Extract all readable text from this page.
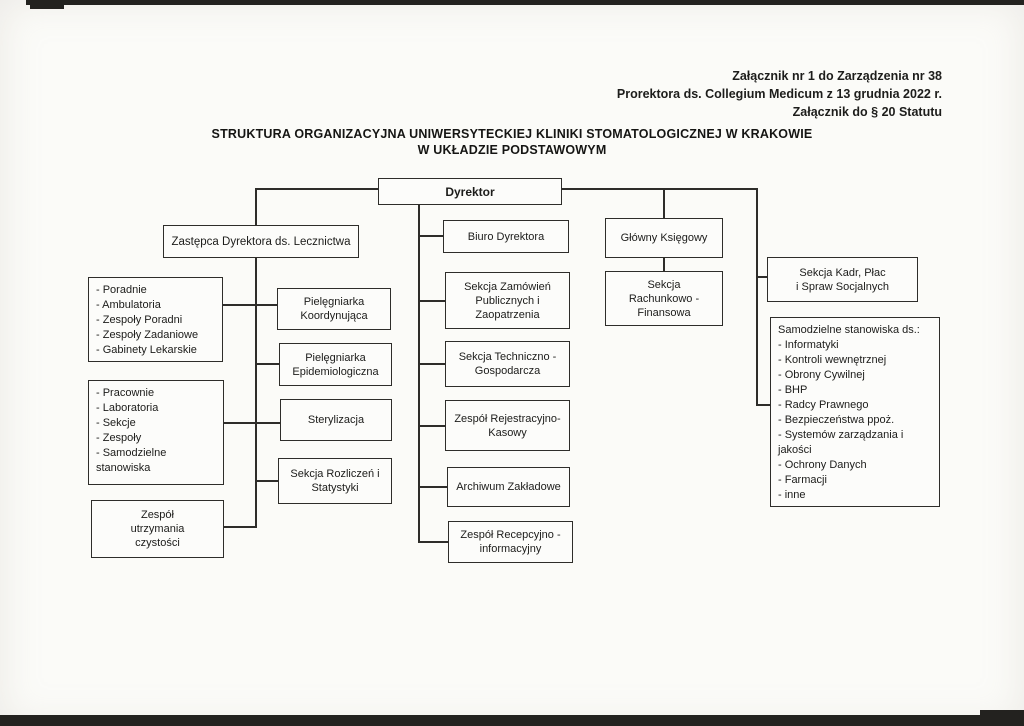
Załącznik nr 1 do Zarządzenia nr 38
Prorektora ds. Collegium Medicum z 13 grudnia 2022 r.
Załącznik do § 20 Statutu
STRUKTURA ORGANIZACYJNA UNIWERSYTECKIEJ KLINIKI STOMATOLOGICZNEJ W KRAKOWIE
W UKŁADZIE PODSTAWOWYM
Dyrektor
Zastępca Dyrektora ds. Lecznictwa
- Poradnie
- Ambulatoria
- Zespoły Poradni
- Zespoły Zadaniowe
- Gabinety Lekarskie
- Pracownie
- Laboratoria
- Sekcje
- Zespoły
- Samodzielne
stanowiska
Zespół
utrzymania
czystości
Pielęgniarka
Koordynująca
Pielęgniarka
Epidemiologiczna
Sterylizacja
Sekcja Rozliczeń i
Statystyki
Biuro Dyrektora
Sekcja Zamówień
Publicznych i
Zaopatrzenia
Sekcja Techniczno -
Gospodarcza
Zespół Rejestracyjno-
Kasowy
Archiwum Zakładowe
Zespół Recepcyjno -
informacyjny
Główny Księgowy
Sekcja
Rachunkowo -
Finansowa
Sekcja Kadr, Płac
i Spraw Socjalnych
Samodzielne stanowiska ds.:
- Informatyki
- Kontroli wewnętrznej
- Obrony Cywilnej
- BHP
- Radcy Prawnego
- Bezpieczeństwa ppoż.
- Systemów zarządzania i
jakości
- Ochrony Danych
- Farmacji
- inne
